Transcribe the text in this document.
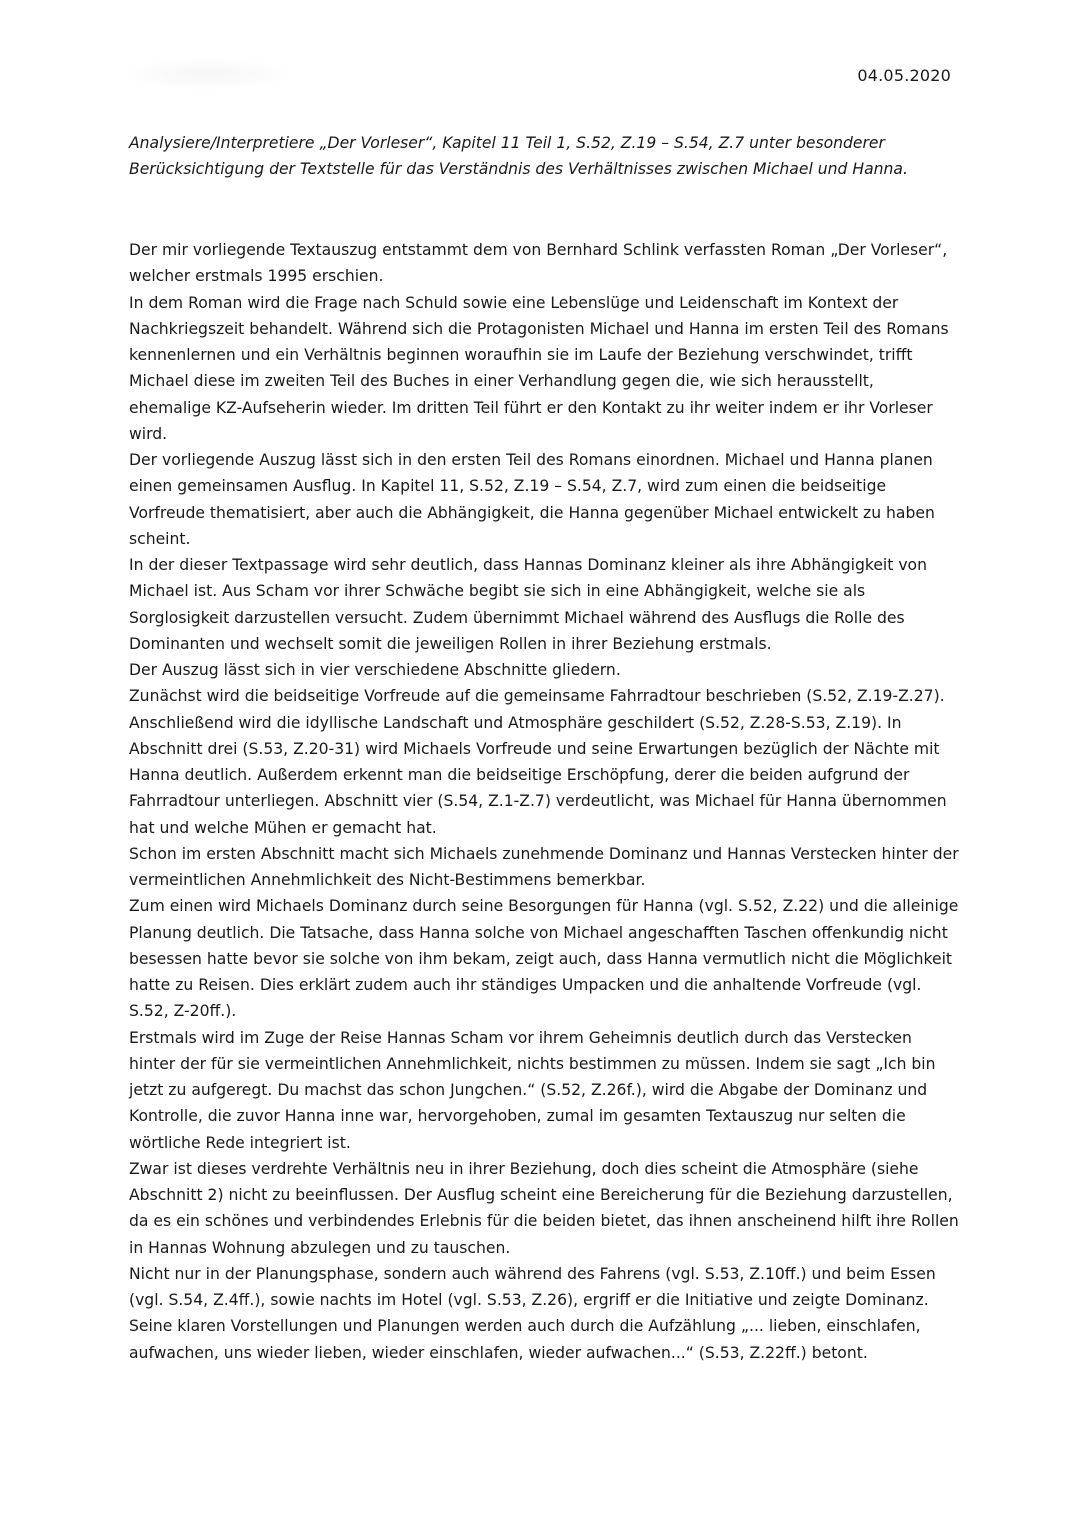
04.05.2020

Analysiere/Interpretiere „Der Vorleser“, Kapitel 11 Teil 1, S.52, Z.19 – S.54, Z.7 unter besonderer Berücksichtigung der Textstelle für das Verständnis des Verhältnisses zwischen Michael und Hanna.

Der mir vorliegende Textauszug entstammt dem von Bernhard Schlink verfassten Roman „Der Vorleser“, welcher erstmals 1995 erschien.

In dem Roman wird die Frage nach Schuld sowie eine Lebenslüge und Leidenschaft im Kontext der Nachkriegszeit behandelt. Während sich die Protagonisten Michael und Hanna im ersten Teil des Romans kennenlernen und ein Verhältnis beginnen woraufhin sie im Laufe der Beziehung verschwindet, trifft Michael diese im zweiten Teil des Buches in einer Verhandlung gegen die, wie sich herausstellt, ehemalige KZ-Aufseherin wieder. Im dritten Teil führt er den Kontakt zu ihr weiter indem er ihr Vorleser wird.

Der vorliegende Auszug lässt sich in den ersten Teil des Romans einordnen. Michael und Hanna planen einen gemeinsamen Ausflug. In Kapitel 11, S.52, Z.19 – S.54, Z.7, wird zum einen die beidseitige Vorfreude thematisiert, aber auch die Abhängigkeit, die Hanna gegenüber Michael entwickelt zu haben scheint.

In der dieser Textpassage wird sehr deutlich, dass Hannas Dominanz kleiner als ihre Abhängigkeit von Michael ist. Aus Scham vor ihrer Schwäche begibt sie sich in eine Abhängigkeit, welche sie als Sorglosigkeit darzustellen versucht. Zudem übernimmt Michael während des Ausflugs die Rolle des Dominanten und wechselt somit die jeweiligen Rollen in ihrer Beziehung erstmals.

Der Auszug lässt sich in vier verschiedene Abschnitte gliedern.

Zunächst wird die beidseitige Vorfreude auf die gemeinsame Fahrradtour beschrieben (S.52, Z.19-Z.27). Anschließend wird die idyllische Landschaft und Atmosphäre geschildert (S.52, Z.28-S.53, Z.19). In Abschnitt drei (S.53, Z.20-31) wird Michaels Vorfreude und seine Erwartungen bezüglich der Nächte mit Hanna deutlich. Außerdem erkennt man die beidseitige Erschöpfung, derer die beiden aufgrund der Fahrradtour unterliegen. Abschnitt vier (S.54, Z.1-Z.7) verdeutlicht, was Michael für Hanna übernommen hat und welche Mühen er gemacht hat.

Schon im ersten Abschnitt macht sich Michaels zunehmende Dominanz und Hannas Verstecken hinter der vermeintlichen Annehmlichkeit des Nicht-Bestimmens bemerkbar.

Zum einen wird Michaels Dominanz durch seine Besorgungen für Hanna (vgl. S.52, Z.22) und die alleinige Planung deutlich. Die Tatsache, dass Hanna solche von Michael angeschafften Taschen offenkundig nicht besessen hatte bevor sie solche von ihm bekam, zeigt auch, dass Hanna vermutlich nicht die Möglichkeit hatte zu Reisen. Dies erklärt zudem auch ihr ständiges Umpacken und die anhaltende Vorfreude (vgl. S.52, Z-20ff.).

Erstmals wird im Zuge der Reise Hannas Scham vor ihrem Geheimnis deutlich durch das Verstecken hinter der für sie vermeintlichen Annehmlichkeit, nichts bestimmen zu müssen. Indem sie sagt „Ich bin jetzt zu aufgeregt. Du machst das schon Jungchen.“ (S.52, Z.26f.), wird die Abgabe der Dominanz und Kontrolle, die zuvor Hanna inne war, hervorgehoben, zumal im gesamten Textauszug nur selten die wörtliche Rede integriert ist.

Zwar ist dieses verdrehte Verhältnis neu in ihrer Beziehung, doch dies scheint die Atmosphäre (siehe Abschnitt 2) nicht zu beeinflussen. Der Ausflug scheint eine Bereicherung für die Beziehung darzustellen, da es ein schönes und verbindendes Erlebnis für die beiden bietet, das ihnen anscheinend hilft ihre Rollen in Hannas Wohnung abzulegen und zu tauschen.

Nicht nur in der Planungsphase, sondern auch während des Fahrens (vgl. S.53, Z.10ff.) und beim Essen (vgl. S.54, Z.4ff.), sowie nachts im Hotel (vgl. S.53, Z.26), ergriff er die Initiative und zeigte Dominanz.

Seine klaren Vorstellungen und Planungen werden auch durch die Aufzählung „... lieben, einschlafen, aufwachen, uns wieder lieben, wieder einschlafen, wieder aufwachen...“ (S.53, Z.22ff.) betont.
